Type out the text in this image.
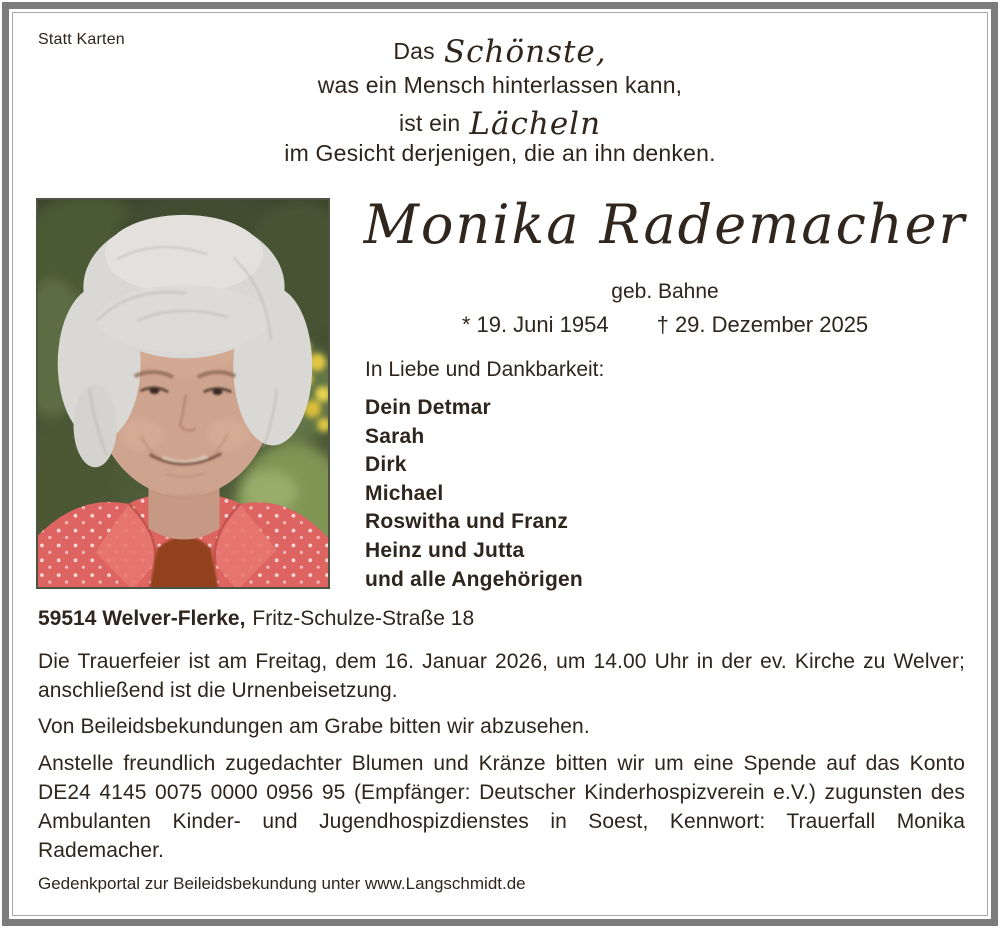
Statt Karten	Das Schönste,
was ein Mensch hinterlassen kann,
ist ein Lächeln
im Gesicht derjenigen, die an ihn denken.
Monika Rademacher
geb. Bahne
* 19. Juni 1954 † 29. Dezember 2025
In Liebe und Dankbarkeit:
Dein Detmar
Sarah
Dirk
Michael
Roswitha und Franz
Heinz und Jutta
und alle Angehörigen
59514 Welver-Flerke, Fritz-Schulze-Straße 18
Die Trauerfeier ist am Freitag, dem 16. Januar 2026, um 14.00 Uhr in der ev. Kirche zu Welver; anschließend ist die Urnenbeisetzung.
Von Beileidsbekundungen am Grabe bitten wir abzusehen.
Anstelle freundlich zugedachter Blumen und Kränze bitten wir um eine Spende auf das Konto DE24 4145 0075 0000 0956 95 (Empfänger: Deutscher Kinderhospizverein e.V.) zugunsten des Ambulanten Kinder- und Jugendhospizdienstes in Soest, Kennwort: Trauerfall Monika Rademacher.
Gedenkportal zur Beileidsbekundung unter www.Langschmidt.de
